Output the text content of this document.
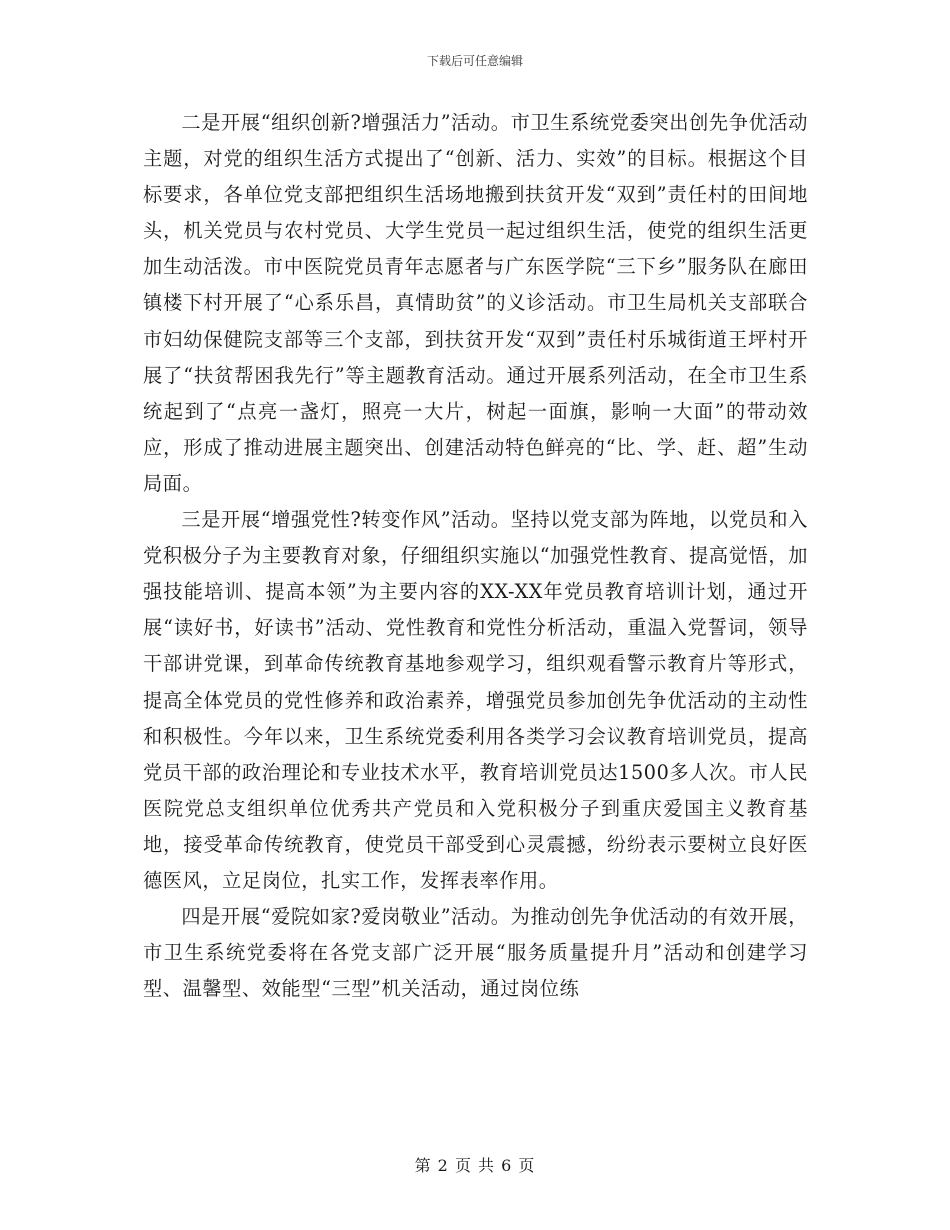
下载后可任意编辑

二是开展“组织创新?增强活力”活动。市卫生系统党委突出创先争优活动主题，对党的组织生活方式提出了“创新、活力、实效”的目标。根据这个目标要求，各单位党支部把组织生活场地搬到扶贫开发“双到”责任村的田间地头，机关党员与农村党员、大学生党员一起过组织生活，使党的组织生活更加生动活泼。市中医院党员青年志愿者与广东医学院“三下乡”服务队在廊田镇楼下村开展了“心系乐昌，真情助贫”的义诊活动。市卫生局机关支部联合市妇幼保健院支部等三个支部，到扶贫开发“双到”责任村乐城街道王坪村开展了“扶贫帮困我先行”等主题教育活动。通过开展系列活动，在全市卫生系统起到了“点亮一盏灯，照亮一大片，树起一面旗，影响一大面”的带动效应，形成了推动进展主题突出、创建活动特色鲜亮的“比、学、赶、超”生动局面。

三是开展“增强党性?转变作风”活动。坚持以党支部为阵地，以党员和入党积极分子为主要教育对象，仔细组织实施以“加强党性教育、提高觉悟，加强技能培训、提高本领”为主要内容的XX-XX年党员教育培训计划，通过开展“读好书，好读书”活动、党性教育和党性分析活动，重温入党誓词，领导干部讲党课，到革命传统教育基地参观学习，组织观看警示教育片等形式，提高全体党员的党性修养和政治素养，增强党员参加创先争优活动的主动性和积极性。今年以来，卫生系统党委利用各类学习会议教育培训党员，提高党员干部的政治理论和专业技术水平，教育培训党员达1500多人次。市人民医院党总支组织单位优秀共产党员和入党积极分子到重庆爱国主义教育基地，接受革命传统教育，使党员干部受到心灵震撼，纷纷表示要树立良好医德医风，立足岗位，扎实工作，发挥表率作用。

四是开展“爱院如家?爱岗敬业”活动。为推动创先争优活动的有效开展，市卫生系统党委将在各党支部广泛开展“服务质量提升月”活动和创建学习型、温馨型、效能型“三型”机关活动，通过岗位练

第 2 页 共 6 页
